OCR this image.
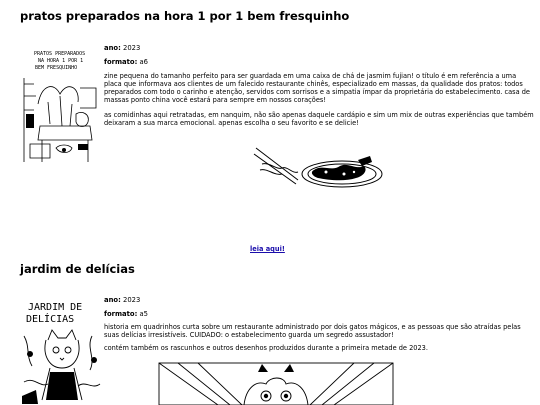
pratos preparados na hora 1 por 1 bem fresquinho
PRATOS PREPARADOS
NA HORA 1 POR 1
BEM FRESQUINHO

ano: 2023

formato: a6

zine pequena do tamanho perfeito para ser guardada em uma caixa de chá de jasmim fujian! o título é em referência a uma placa que informava aos clientes de um falecido restaurante chinês, especializado em massas, da qualidade dos pratos: todos preparados com todo o carinho e atenção, servidos com sorrisos e a simpatia ímpar da proprietária do estabelecimento. casa de massas ponto china você estará para sempre em nossos corações!

as comidinhas aqui retratadas, em nanquim, não são apenas daquele cardápio e sim um mix de outras experiências que também deixaram a sua marca emocional. apenas escolha o seu favorito e se delicie!

leia aqui!
jardim de delícias
JARDIM DE
DELÍCIAS

ano: 2023

formato: a5

historia em quadrinhos curta sobre um restaurante administrado por dois gatos mágicos, e as pessoas que são atraídas pelas suas delícias irresistíveis. CUIDADO: o estabelecimento guarda um segredo assustador!

contém também os rascunhos e outros desenhos produzidos durante a primeira metade de 2023.
